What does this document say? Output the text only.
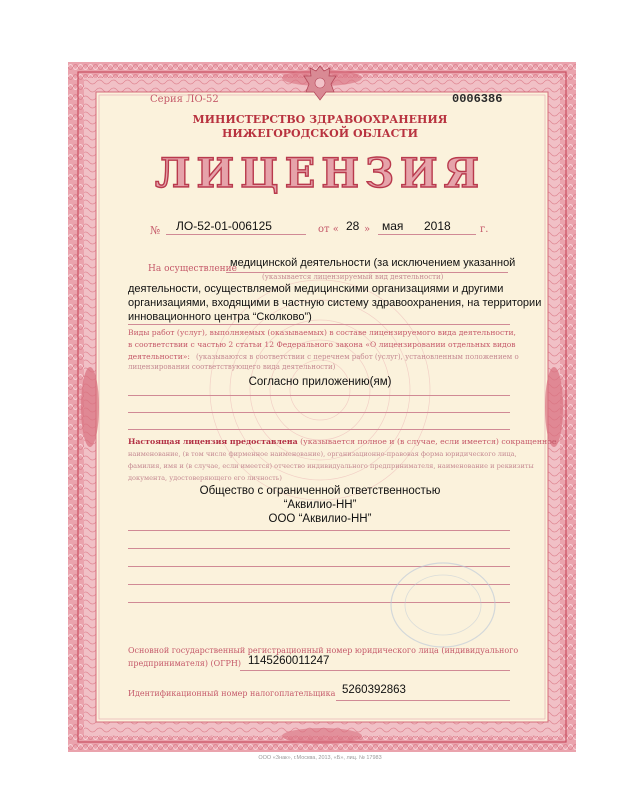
Серия ЛО-52	0006386
МИНИСТЕРСТВО ЗДРАВООХРАНЕНИЯ
НИЖЕГОРОДСКОЙ ОБЛАСТИ
ЛИЦЕНЗИЯ
№ ЛО-52-01-006125	от « 28 » мая 2018	г.
На осуществление
медицинской деятельности (за исключением указанной
(указывается лицензируемый вид деятельности)
деятельности, осуществляемой медицинскими организациями и другими
организациями, входящими в частную систему здравоохранения, на территории
инновационного центра “Сколково”)
Виды работ (услуг), выполняемых (оказываемых) в составе лицензируемого вида деятельности,
в соответствии с частью 2 статьи 12 Федерального закона «О лицензировании отдельных видов
деятельности»: (указываются в соответствии с перечнем работ (услуг), установленным положением о
лицензировании соответствующего вида деятельности)
Согласно приложению(ям)
Настоящая лицензия предоставлена (указывается полное и (в случае, если имеется) сокращенное
наименование, (в том числе фирменное наименование), организационно-правовая форма юридического лица,
фамилия, имя и (в случае, если имеется) отчество индивидуального предпринимателя, наименование и реквизиты
документа, удостоверяющего его личность)
Общество с ограниченной ответственностью
“Аквилио-НН”
ООО “Аквилио-НН”
Основной государственный регистрационный номер юридического лица (индивидуального
предпринимателя) (ОГРН) 1145260011247
Идентификационный номер налогоплательщика 5260392863
ООО «Знак», г.Москва, 2013, «Б», лиц. № 17983
